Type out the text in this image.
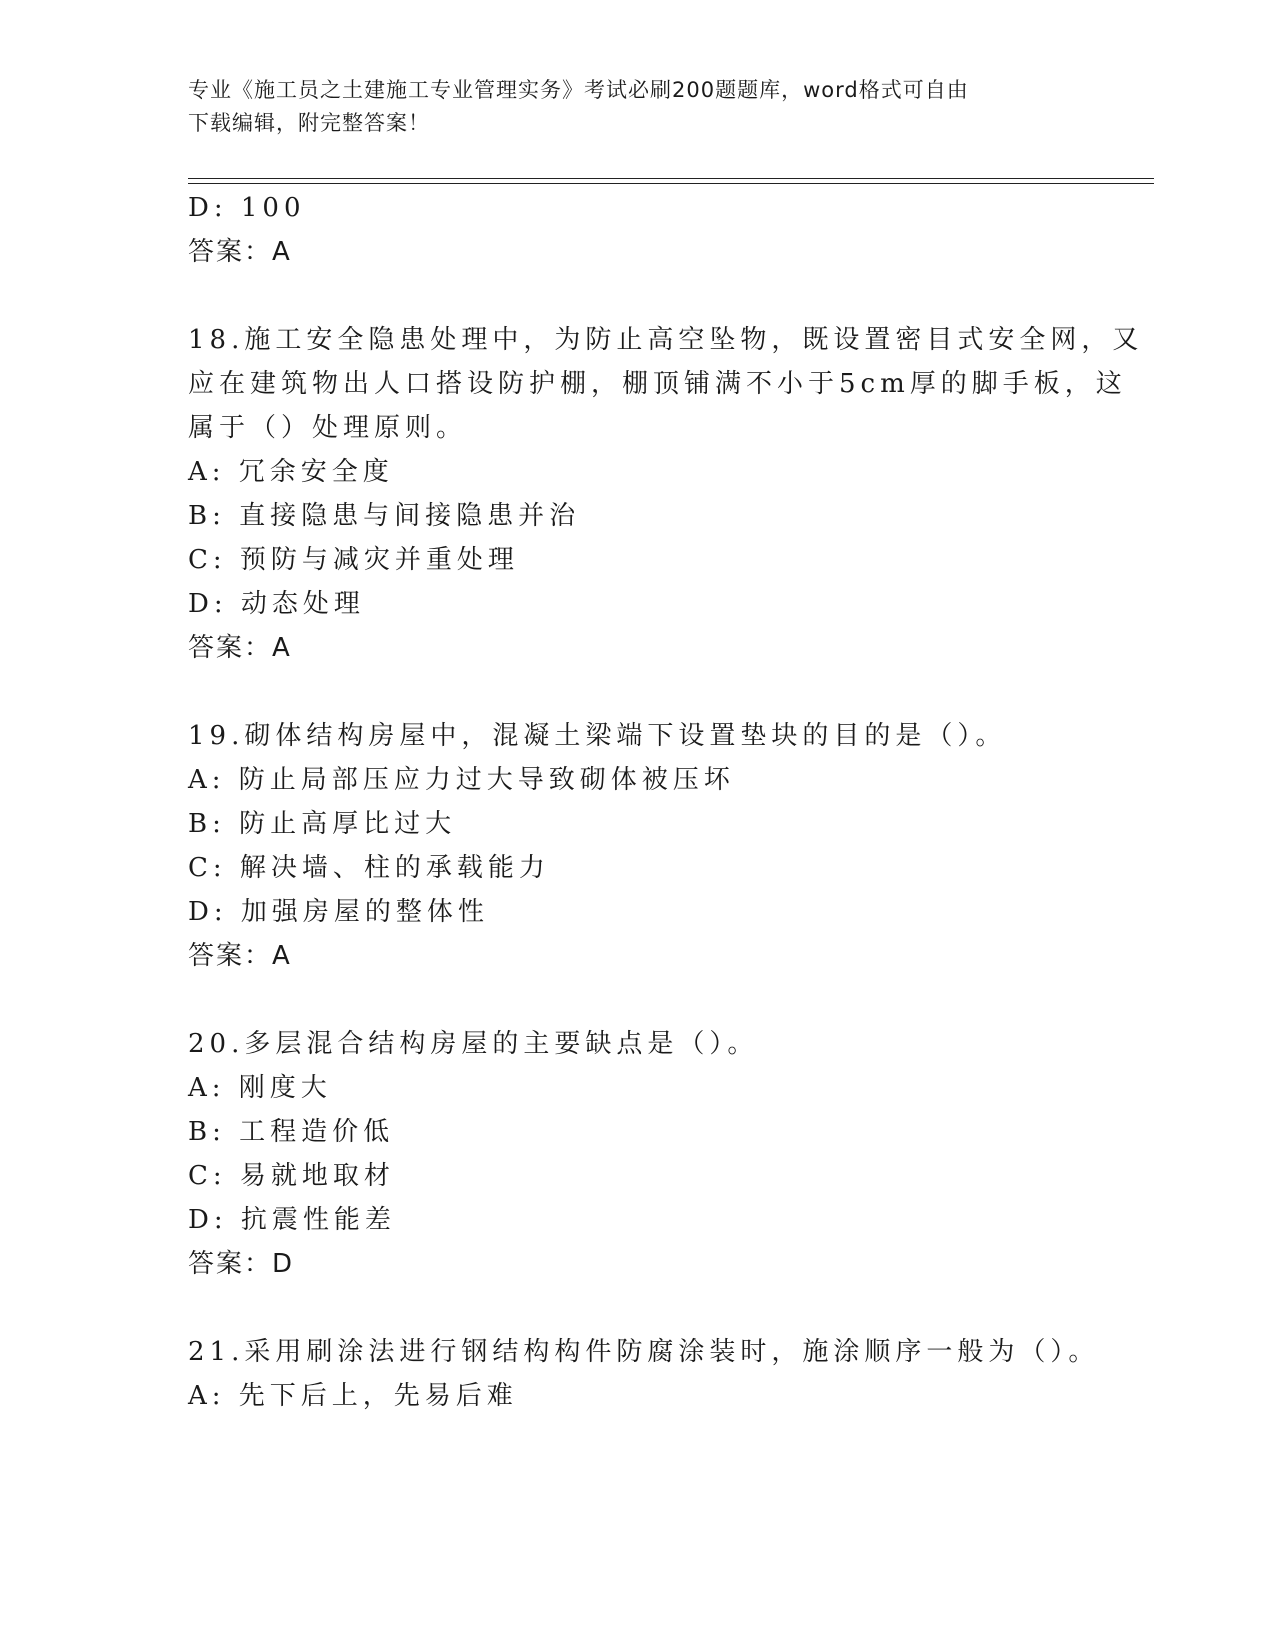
专业《施工员之土建施工专业管理实务》考试必刷200题题库，word格式可自由
下载编辑，附完整答案！

D: 100

答案：A

18.施工安全隐患处理中，为防止高空坠物，既设置密目式安全网，又

应在建筑物出人口搭设防护棚，棚顶铺满不小于5cm厚的脚手板，这

属于（）处理原则。

A: 冗余安全度

B: 直接隐患与间接隐患并治

C: 预防与减灾并重处理

D: 动态处理

答案：A

19.砌体结构房屋中，混凝土梁端下设置垫块的目的是（）。

A: 防止局部压应力过大导致砌体被压坏

B: 防止高厚比过大

C: 解决墙、柱的承载能力

D: 加强房屋的整体性

答案：A

20.多层混合结构房屋的主要缺点是（）。

A: 刚度大

B: 工程造价低

C: 易就地取材

D: 抗震性能差

答案：D

21.采用刷涂法进行钢结构构件防腐涂装时，施涂顺序一般为（）。

A: 先下后上，先易后难
